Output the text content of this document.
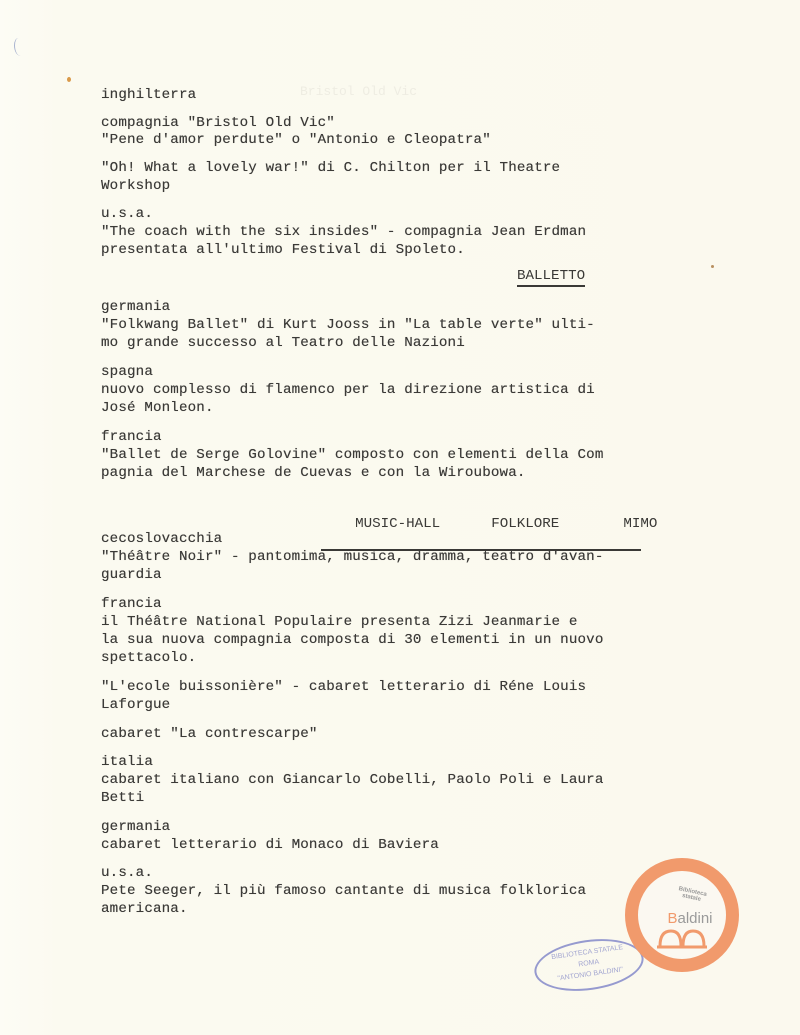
Bristol Old Vic
inghilterra
compagnia "Bristol Old Vic"
"Pene d'amor perdute" o "Antonio e Cleopatra"
"Oh! What a lovely war!" di C. Chilton per il Theatre
Workshop
u.s.a.
"The coach with the six insides" - compagnia Jean Erdman
presentata all'ultimo Festival di Spoleto.
BALLETTO
germania
"Folkwang Ballet" di Kurt Jooss in "La table verte" ulti-
mo grande successo al Teatro delle Nazioni
spagna
nuovo complesso di flamenco per la direzione artistica di
José Monleon.
francia
"Ballet de Serge Golovine" composto con elementi della Com
pagnia del Marchese de Cuevas e con la Wiroubowa.

MUSIC-HALL	FOLKLORE	MIMO

cecoslovacchia
"Théâtre Noir" - pantomima, musica, dramma, teatro d'avan-
guardia
francia
il Théâtre National Populaire presenta Zizi Jeanmarie e
la sua nuova compagnia composta di 30 elementi in un nuovo
spettacolo.
"L'ecole buissonière" - cabaret letterario di Réne Louis
Laforgue
cabaret "La contrescarpe"
italia
cabaret italiano con Giancarlo Cobelli, Paolo Poli e Laura
Betti
germania
cabaret letterario di Monaco di Baviera
u.s.a.
Pete Seeger, il più famoso cantante di musica folklorica
americana.
BIBLIOTECA STATALE
ROMA
"ANTONIO BALDINI"
Biblioteca statale
Baldini
